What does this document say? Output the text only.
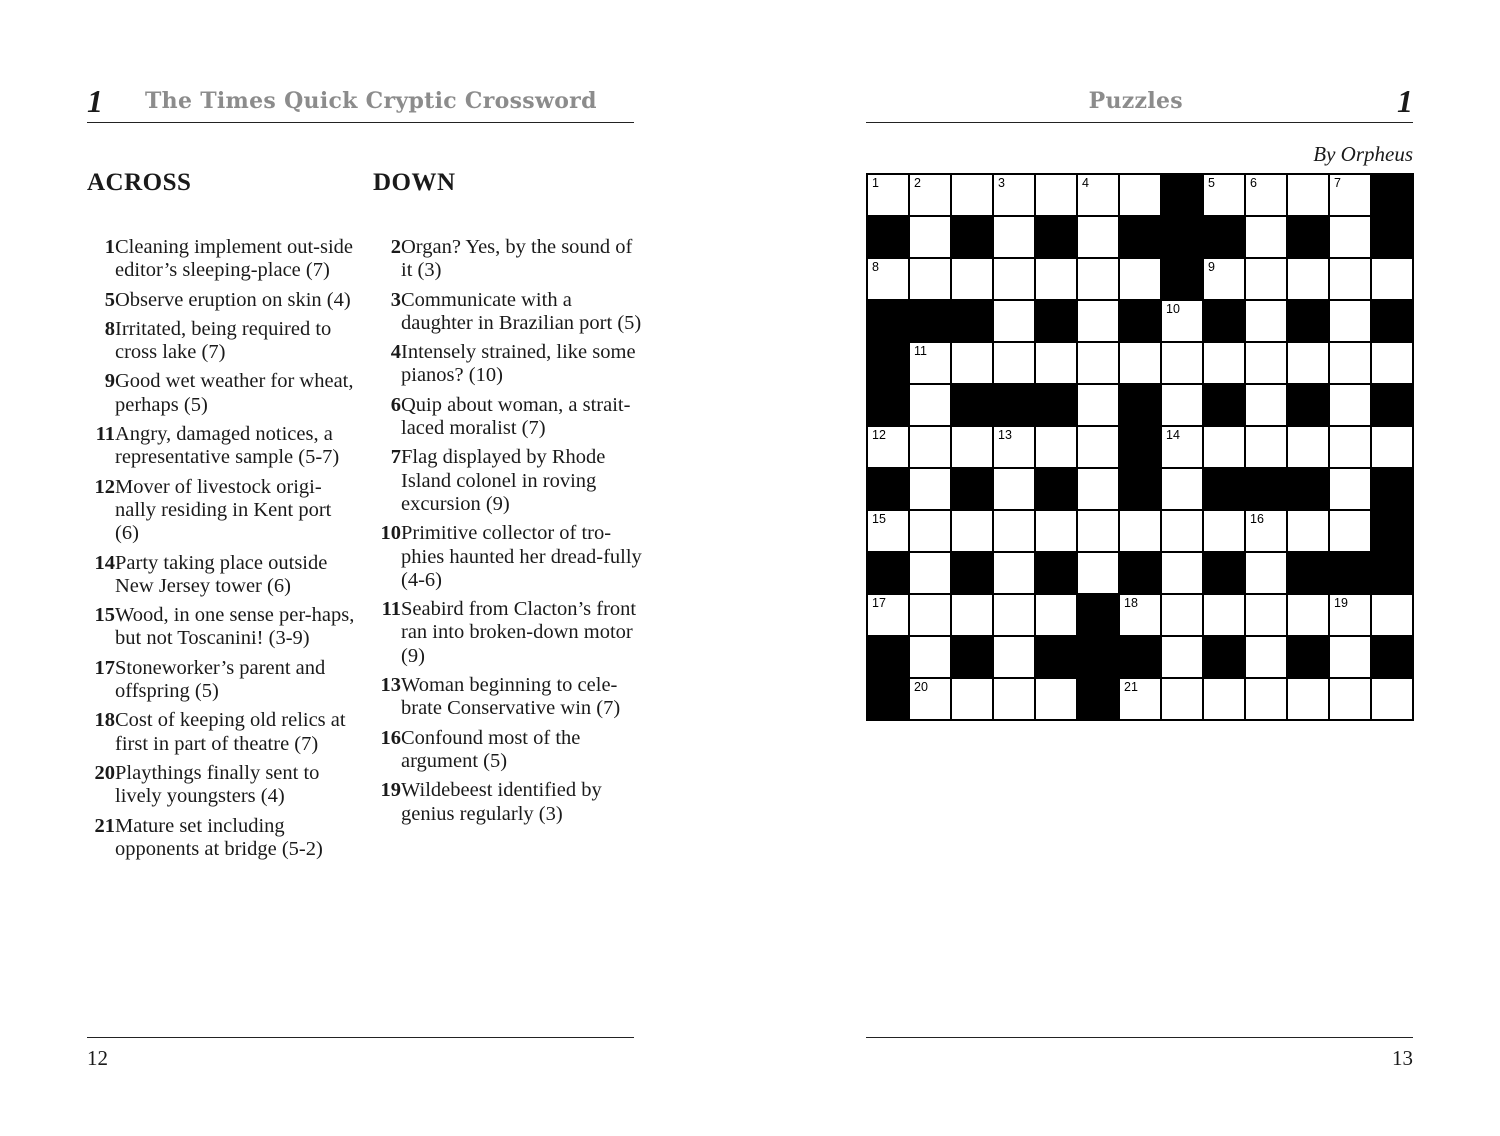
1 The Times Quick Cryptic Crossword
ACROSS
1 Cleaning implement out-side editor’s sleeping-place (7)
5 Observe eruption on skin (4)
8 Irritated, being required to cross lake (7)
9 Good wet weather for wheat, perhaps (5)
11 Angry, damaged notices, a representative sample (5-7)
12 Mover of livestock origi-nally residing in Kent port (6)
14 Party taking place outside New Jersey tower (6)
15 Wood, in one sense per-haps, but not Toscanini! (3-9)
17 Stoneworker’s parent and offspring (5)
18 Cost of keeping old relics at first in part of theatre (7)
20 Playthings finally sent to lively youngsters (4)
21 Mature set including opponents at bridge (5-2)
DOWN
2 Organ? Yes, by the sound of it (3)
3 Communicate with a daughter in Brazilian port (5)
4 Intensely strained, like some pianos? (10)
6 Quip about woman, a strait-laced moralist (7)
7 Flag displayed by Rhode Island colonel in roving excursion (9)
10 Primitive collector of tro-phies haunted her dread-fully (4-6)
11 Seabird from Clacton’s front ran into broken-down motor (9)
13 Woman beginning to cele-brate Conservative win (7)
16 Confound most of the argument (5)
19 Wildebeest identified by genius regularly (3)
12
Puzzles	1
By Orpheus
1	2	3	4	5	6	7
8	9
10
11
12	13	14
15	16
17	18	19
20	21
13
